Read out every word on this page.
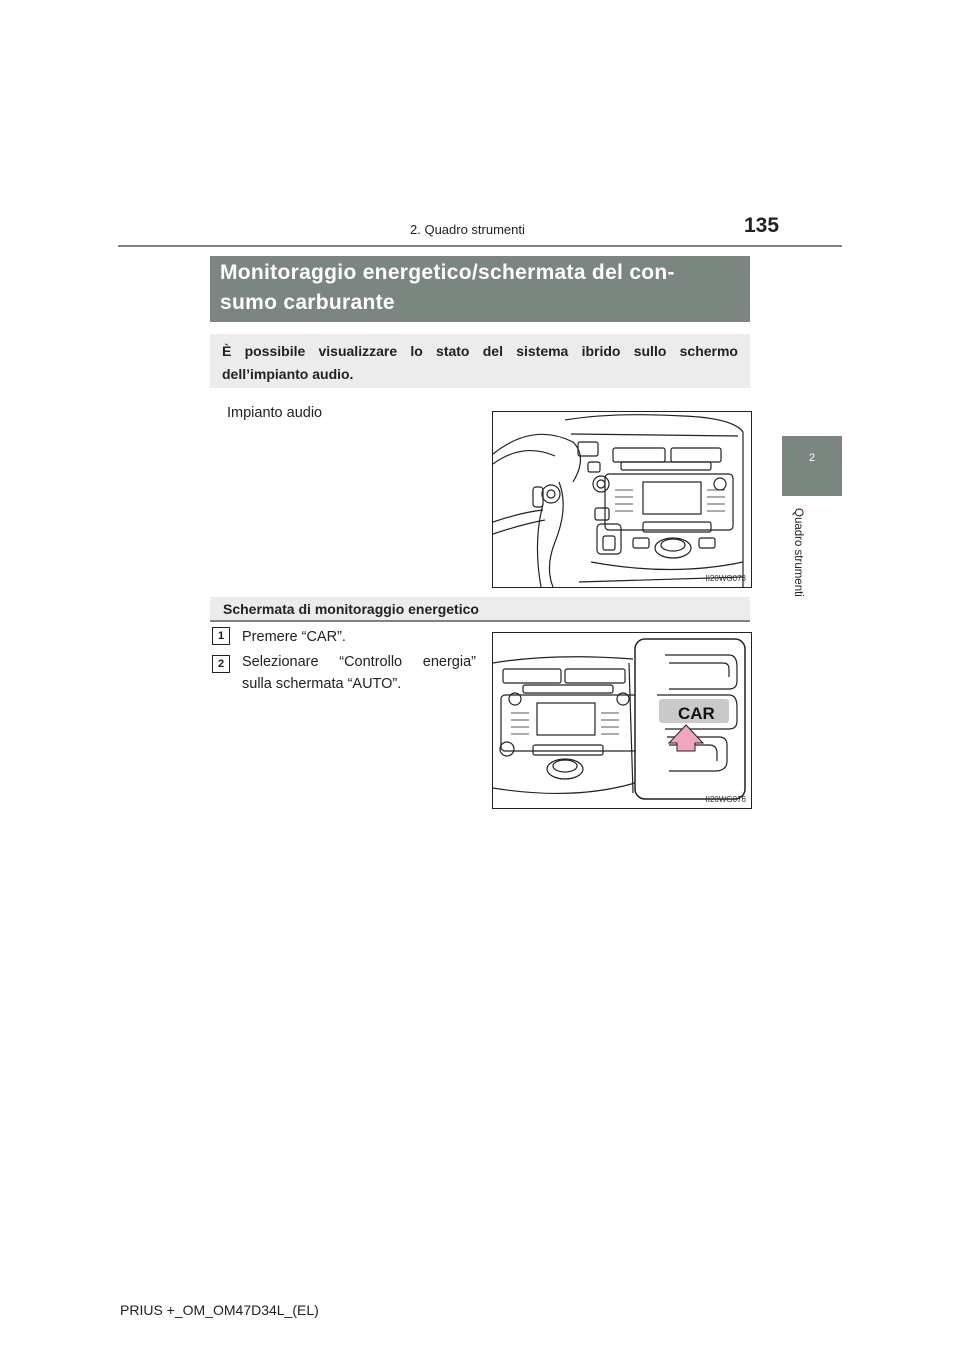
2. Quadro strumenti	135
2
Quadro strumenti
Monitoraggio energetico/schermata del con-
sumo carburante
È possibile visualizzare lo stato del sistema ibrido sullo schermo dell’impianto audio.
Impianto audio
II20WG073
Schermata di monitoraggio energetico
1	Premere “CAR”.
2	Selezionare “Controllo energia” sulla schermata “AUTO”.
CAR
II20WG076
PRIUS +_OM_OM47D34L_(EL)
